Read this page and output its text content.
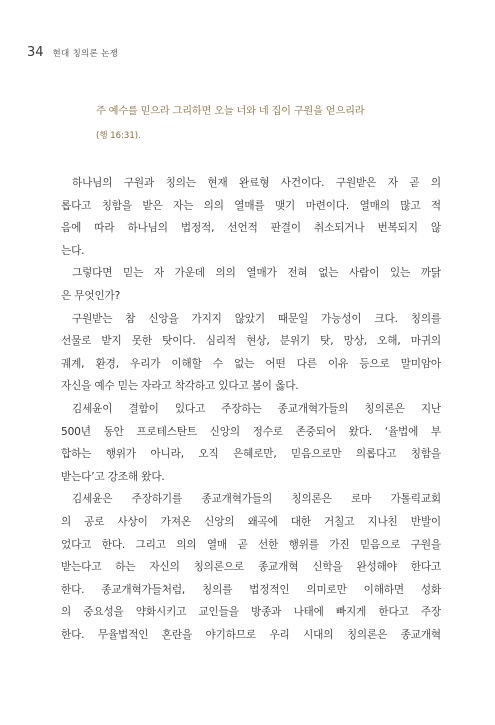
34 현대 칭의론 논쟁
주 예수를 믿으라 그리하면 오늘 너와 네 집이 구원을 얻으리라
(행 16:31).
하나님의 구원과 칭의는 현재 완료형 사건이다. 구원받은 자 곧 의
롭다고 칭함을 받은 자는 의의 열매를 맺기 마련이다. 열매의 많고 적
음에 따라 하나님의 법정적, 선언적 판결이 취소되거나 번복되지 않
는다.
그렇다면 믿는 자 가운데 의의 열매가 전혀 없는 사람이 있는 까닭
은 무엇인가?
구원받는 참 신앙을 가지지 않았기 때문일 가능성이 크다. 칭의를
선물로 받지 못한 탓이다. 심리적 현상, 분위기 탓, 망상, 오해, 마귀의
궤계, 환경, 우리가 이해할 수 없는 어떤 다른 이유 등으로 말미암아
자신을 예수 믿는 자라고 착각하고 있다고 봄이 옳다.
김세윤이 결함이 있다고 주장하는 종교개혁가들의 칭의론은 지난
500년 동안 프로테스탄트 신앙의 정수로 존중되어 왔다. ‘율법에 부
합하는 행위가 아니라, 오직 은혜로만, 믿음으로만 의롭다고 칭함을
받는다’고 강조해 왔다.
김세윤은 주장하기를 종교개혁가들의 칭의론은 로마 가톨릭교회
의 공로 사상이 가져온 신앙의 왜곡에 대한 거칠고 지나친 반발이
었다고 한다. 그리고 의의 열매 곧 선한 행위를 가진 믿음으로 구원을
받는다고 하는 자신의 칭의론으로 종교개혁 신학을 완성해야 한다고
한다. 종교개혁가들처럼, 칭의를 법정적인 의미로만 이해하면 성화
의 중요성을 약화시키고 교인들을 방종과 나태에 빠지게 한다고 주장
한다. 무율법적인 혼란을 야기하므로 우리 시대의 칭의론은 종교개혁
